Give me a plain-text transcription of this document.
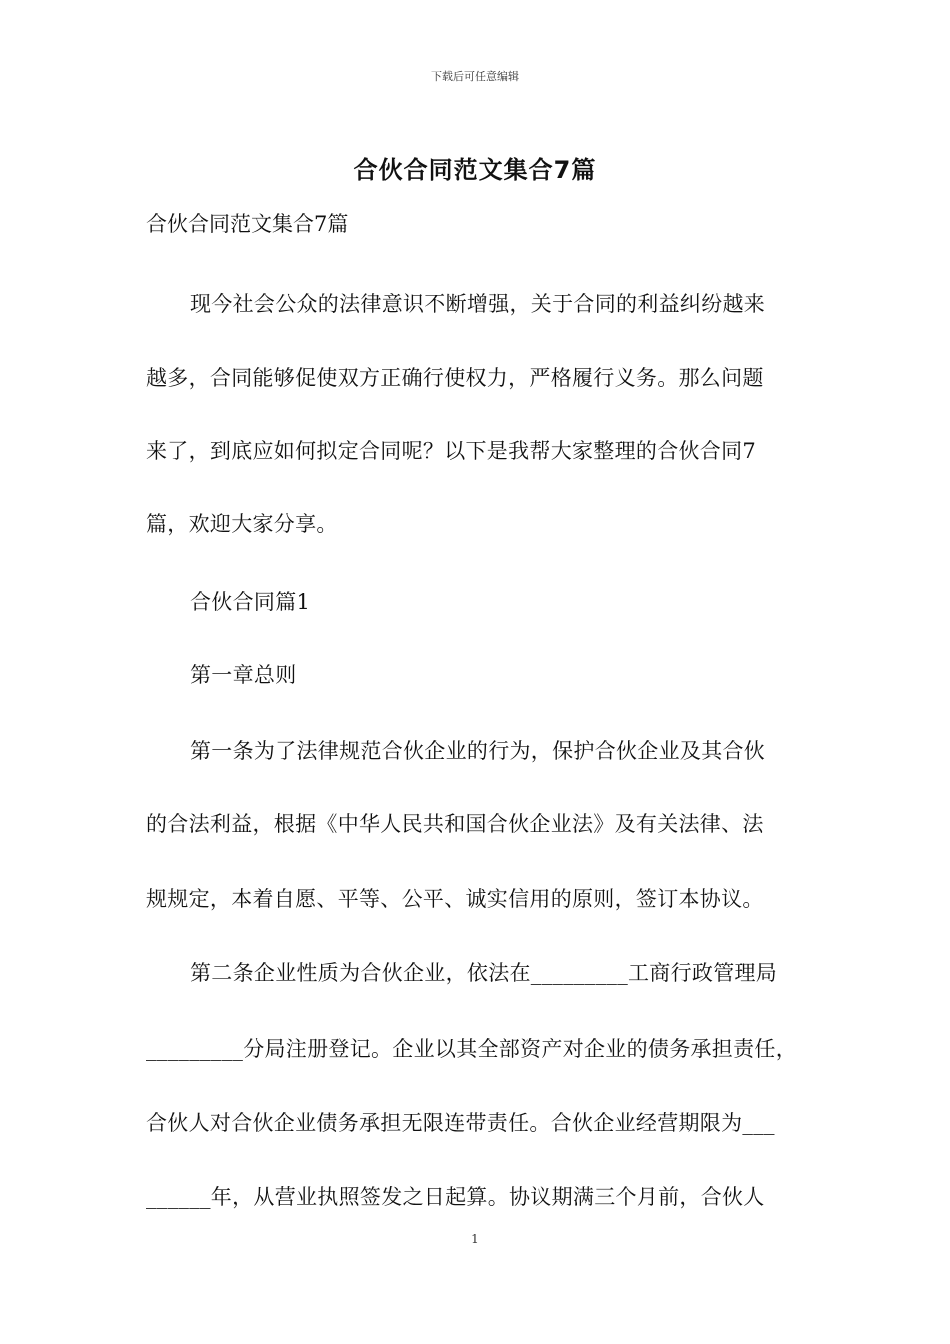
下载后可任意编辑
合伙合同范文集合7篇
合伙合同范文集合7篇
现今社会公众的法律意识不断增强，关于合同的利益纠纷越来
越多，合同能够促使双方正确行使权力，严格履行义务。那么问题
来了，到底应如何拟定合同呢？以下是我帮大家整理的合伙合同7
篇，欢迎大家分享。
合伙合同篇1
第一章总则
第一条为了法律规范合伙企业的行为，保护合伙企业及其合伙
的合法利益，根据《中华人民共和国合伙企业法》及有关法律、法
规规定，本着自愿、平等、公平、诚实信用的原则，签订本协议。
第二条企业性质为合伙企业，依法在_________工商行政管理局
_________分局注册登记。企业以其全部资产对企业的债务承担责任，
合伙人对合伙企业债务承担无限连带责任。合伙企业经营期限为___
______年，从营业执照签发之日起算。协议期满三个月前，合伙人
1
